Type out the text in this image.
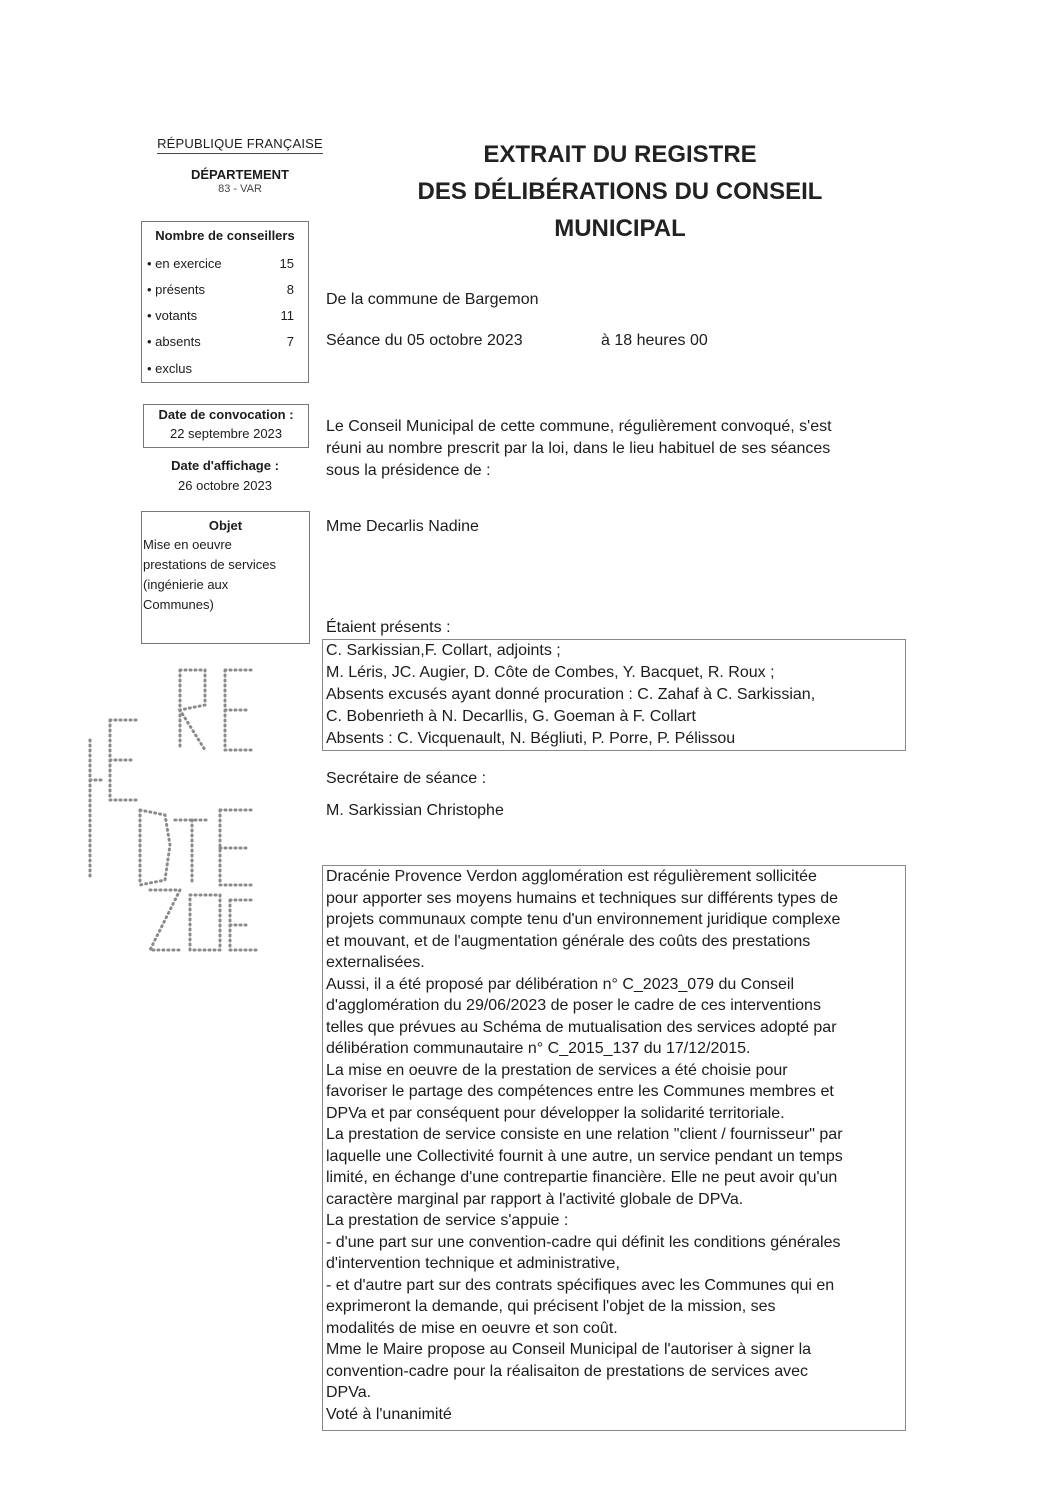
RÉPUBLIQUE FRANÇAISE
DÉPARTEMENT
83 - VAR
EXTRAIT DU REGISTRE
DES DÉLIBÉRATIONS DU CONSEIL
MUNICIPAL
Nombre de conseillers
• en exercice	15
• présents	8
• votants	11
• absents	7
• exclus
Date de convocation :
22 septembre 2023
Date d'affichage :
26 octobre 2023
Objet
Mise en oeuvre
prestations de services
(ingénierie aux
Communes)
De la commune de Bargemon
Séance du 05 octobre 2023	à 18 heures 00
Le Conseil Municipal de cette commune, régulièrement convoqué, s'est
réuni au nombre prescrit par la loi, dans le lieu habituel de ses séances
sous la présidence de :
Mme Decarlis Nadine
Étaient présents :
C. Sarkissian,F. Collart, adjoints ;
M. Léris, JC. Augier, D. Côte de Combes, Y. Bacquet, R. Roux ;
Absents excusés ayant donné procuration : C. Zahaf à C. Sarkissian,
C. Bobenrieth à N. Decarllis, G. Goeman à F. Collart
Absents : C. Vicquenault, N. Bégliuti, P. Porre, P. Pélissou
Secrétaire de séance :
M. Sarkissian Christophe
Dracénie Provence Verdon agglomération est régulièrement sollicitée
pour apporter ses moyens humains et techniques sur différents types de
projets communaux compte tenu d'un environnement juridique complexe
et mouvant, et de l'augmentation générale des coûts des prestations
externalisées.
Aussi, il a été proposé par délibération n° C_2023_079 du Conseil
d'agglomération du 29/06/2023 de poser le cadre de ces interventions
telles que prévues au Schéma de mutualisation des services adopté par
délibération communautaire n° C_2015_137 du 17/12/2015.
La mise en oeuvre de la prestation de services a été choisie pour
favoriser le partage des compétences entre les Communes membres et
DPVa et par conséquent pour développer la solidarité territoriale.
La prestation de service consiste en une relation "client / fournisseur" par
laquelle une Collectivité fournit à une autre, un service pendant un temps
limité, en échange d'une contrepartie financière. Elle ne peut avoir qu'un
caractère marginal par rapport à l'activité globale de DPVa.
La prestation de service s'appuie :
- d'une part sur une convention-cadre qui définit les conditions générales
d'intervention technique et administrative,
- et d'autre part sur des contrats spécifiques avec les Communes qui en
exprimeront la demande, qui précisent l'objet de la mission, ses
modalités de mise en oeuvre et son coût.
Mme le Maire propose au Conseil Municipal de l'autoriser à signer la
convention-cadre pour la réalisaiton de prestations de services avec
DPVa.
Voté à l'unanimité
